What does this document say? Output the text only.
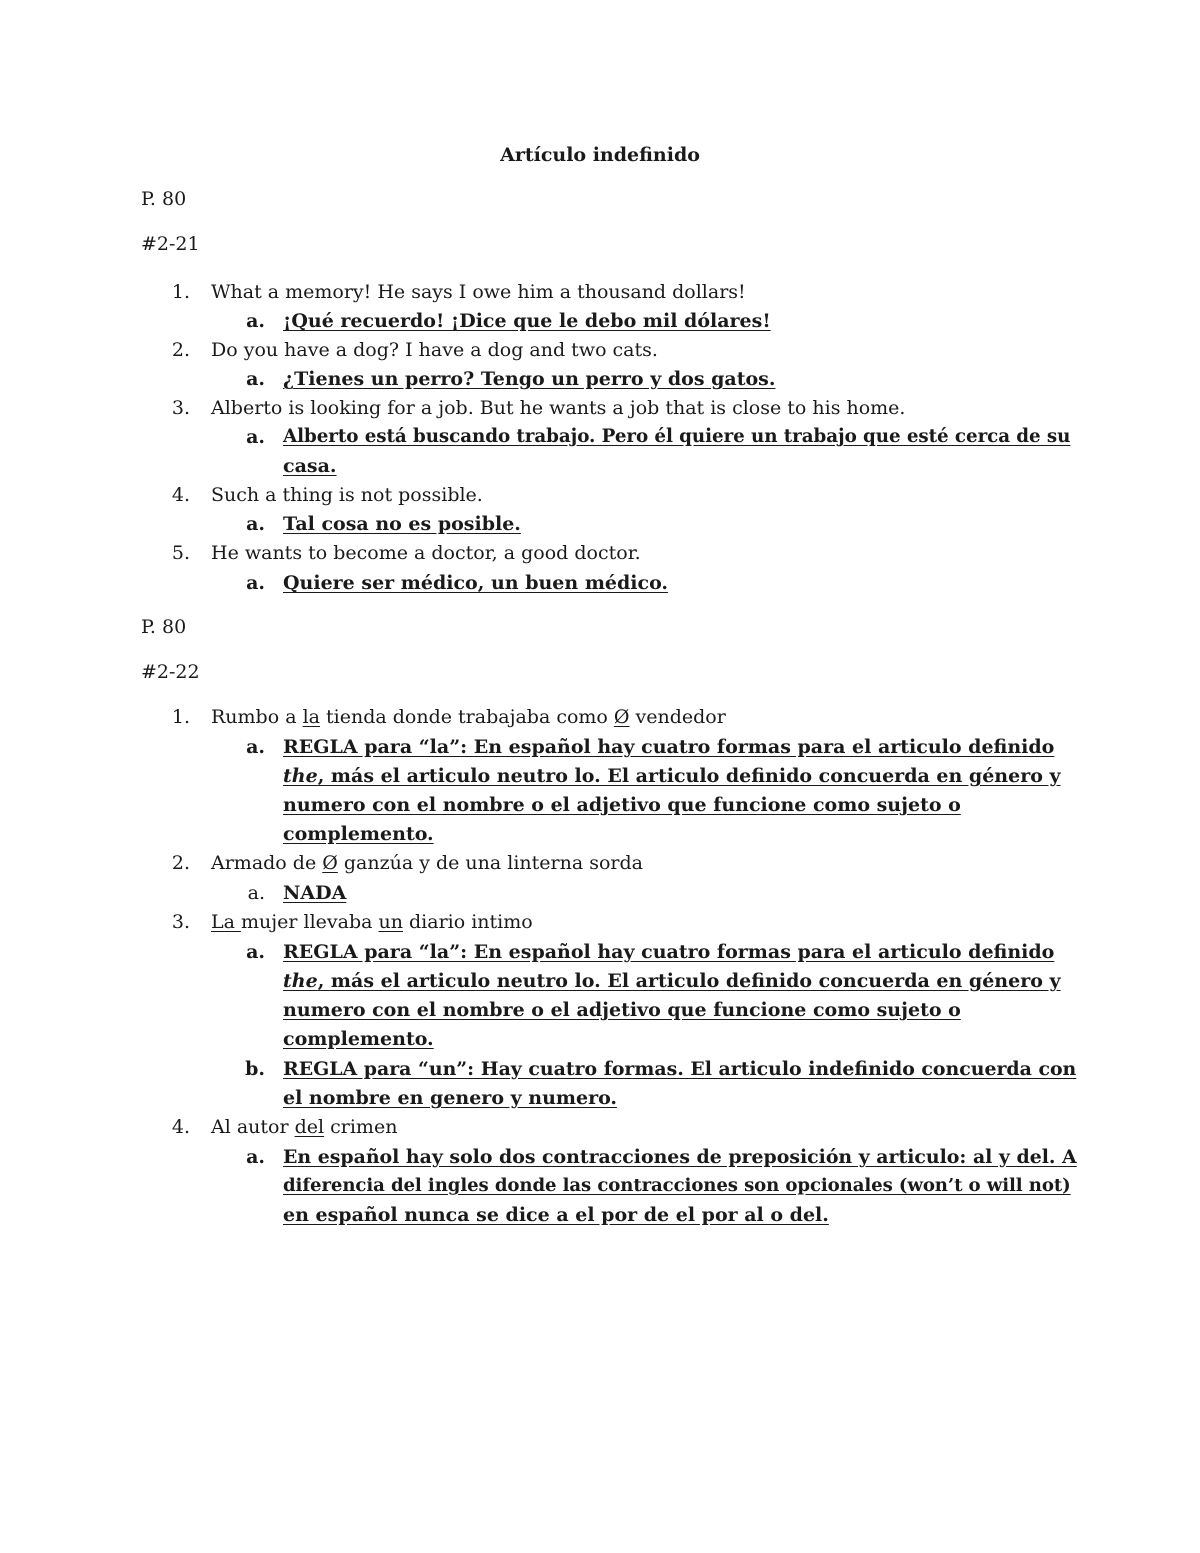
Artículo indefinido
P. 80
#2-21
1. What a memory! He says I owe him a thousand dollars!
a. ¡Qué recuerdo! ¡Dice que le debo mil dólares!
2. Do you have a dog? I have a dog and two cats.
a. ¿Tienes un perro? Tengo un perro y dos gatos.
3. Alberto is looking for a job. But he wants a job that is close to his home.
a. Alberto está buscando trabajo. Pero él quiere un trabajo que esté cerca de su
casa.
4. Such a thing is not possible.
a. Tal cosa no es posible.
5. He wants to become a doctor, a good doctor.
a. Quiere ser médico, un buen médico.
P. 80
#2-22
1. Rumbo a la tienda donde trabajaba como Ø vendedor
a. REGLA para “la”: En español hay cuatro formas para el articulo definido
the, más el articulo neutro lo. El articulo definido concuerda en género y
numero con el nombre o el adjetivo que funcione como sujeto o
complemento.
2. Armado de Ø ganzúa y de una linterna sorda
a. NADA
3. La mujer llevaba un diario intimo
a. REGLA para “la”: En español hay cuatro formas para el articulo definido
the, más el articulo neutro lo. El articulo definido concuerda en género y
numero con el nombre o el adjetivo que funcione como sujeto o
complemento.
b. REGLA para “un”: Hay cuatro formas. El articulo indefinido concuerda con
el nombre en genero y numero.
4. Al autor del crimen
a. En español hay solo dos contracciones de preposición y articulo: al y del. A
diferencia del ingles donde las contracciones son opcionales (won’t o will not)
en español nunca se dice a el por de el por al o del.
